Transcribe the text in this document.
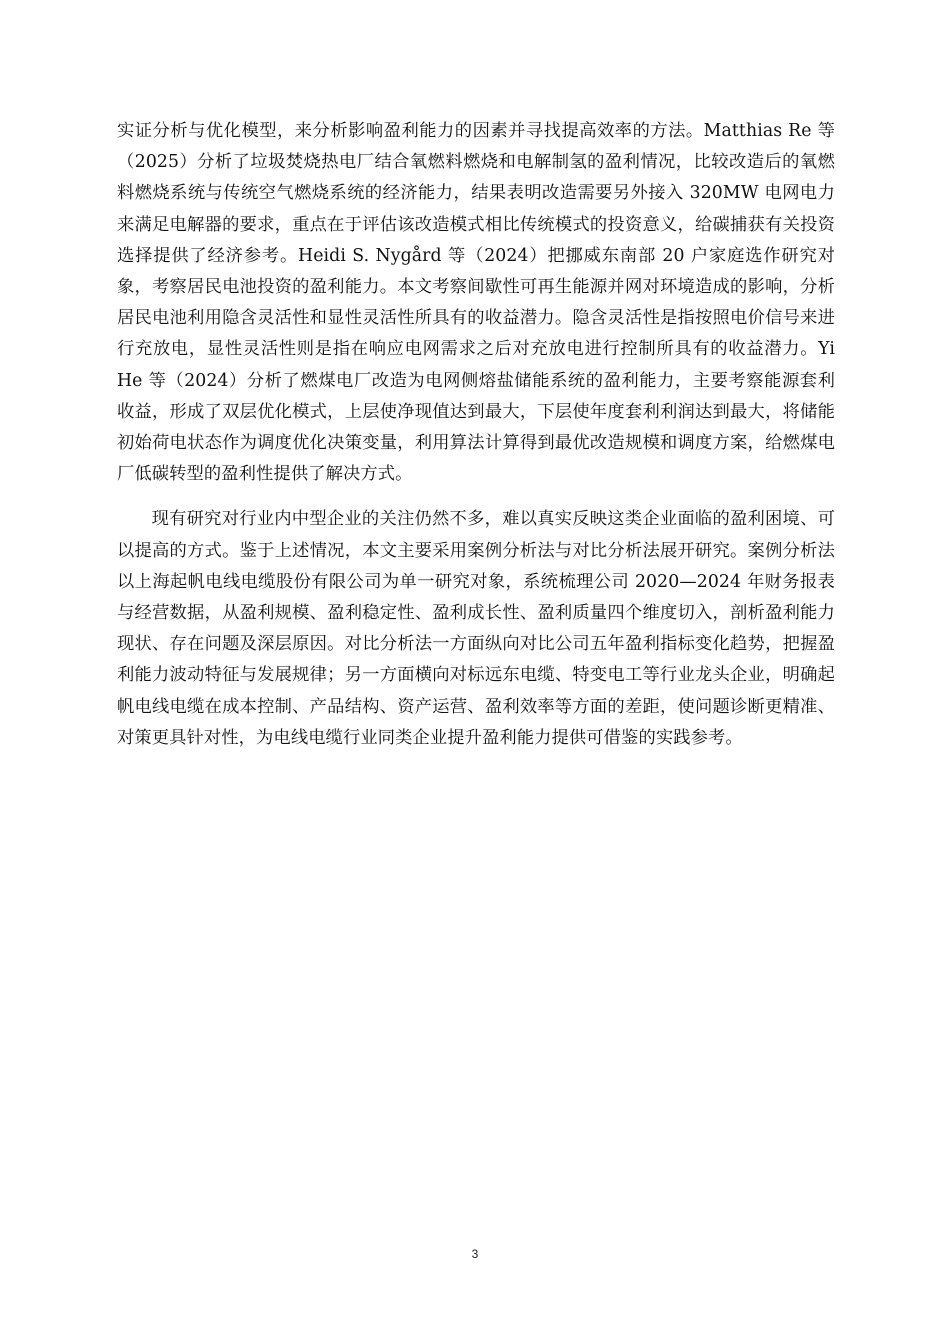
实证分析与优化模型，来分析影响盈利能力的因素并寻找提高效率的方法。Matthias Re 等（2025）分析了垃圾焚烧热电厂结合氧燃料燃烧和电解制氢的盈利情况，比较改造后的氧燃料燃烧系统与传统空气燃烧系统的经济能力，结果表明改造需要另外接入 320MW 电网电力来满足电解器的要求，重点在于评估该改造模式相比传统模式的投资意义，给碳捕获有关投资选择提供了经济参考。Heidi S. Nygård 等（2024）把挪威东南部 20 户家庭选作研究对象，考察居民电池投资的盈利能力。本文考察间歇性可再生能源并网对环境造成的影响，分析居民电池利用隐含灵活性和显性灵活性所具有的收益潜力。隐含灵活性是指按照电价信号来进行充放电，显性灵活性则是指在响应电网需求之后对充放电进行控制所具有的收益潜力。Yi He 等（2024）分析了燃煤电厂改造为电网侧熔盐储能系统的盈利能力，主要考察能源套利收益，形成了双层优化模式，上层使净现值达到最大，下层使年度套利利润达到最大，将储能初始荷电状态作为调度优化决策变量，利用算法计算得到最优改造规模和调度方案，给燃煤电厂低碳转型的盈利性提供了解决方式。

现有研究对行业内中型企业的关注仍然不多，难以真实反映这类企业面临的盈利困境、可以提高的方式。鉴于上述情况，本文主要采用案例分析法与对比分析法展开研究。案例分析法以上海起帆电线电缆股份有限公司为单一研究对象，系统梳理公司 2020—2024 年财务报表与经营数据，从盈利规模、盈利稳定性、盈利成长性、盈利质量四个维度切入，剖析盈利能力现状、存在问题及深层原因。对比分析法一方面纵向对比公司五年盈利指标变化趋势，把握盈利能力波动特征与发展规律；另一方面横向对标远东电缆、特变电工等行业龙头企业，明确起帆电线电缆在成本控制、产品结构、资产运营、盈利效率等方面的差距，使问题诊断更精准、对策更具针对性，为电线电缆行业同类企业提升盈利能力提供可借鉴的实践参考。

3
